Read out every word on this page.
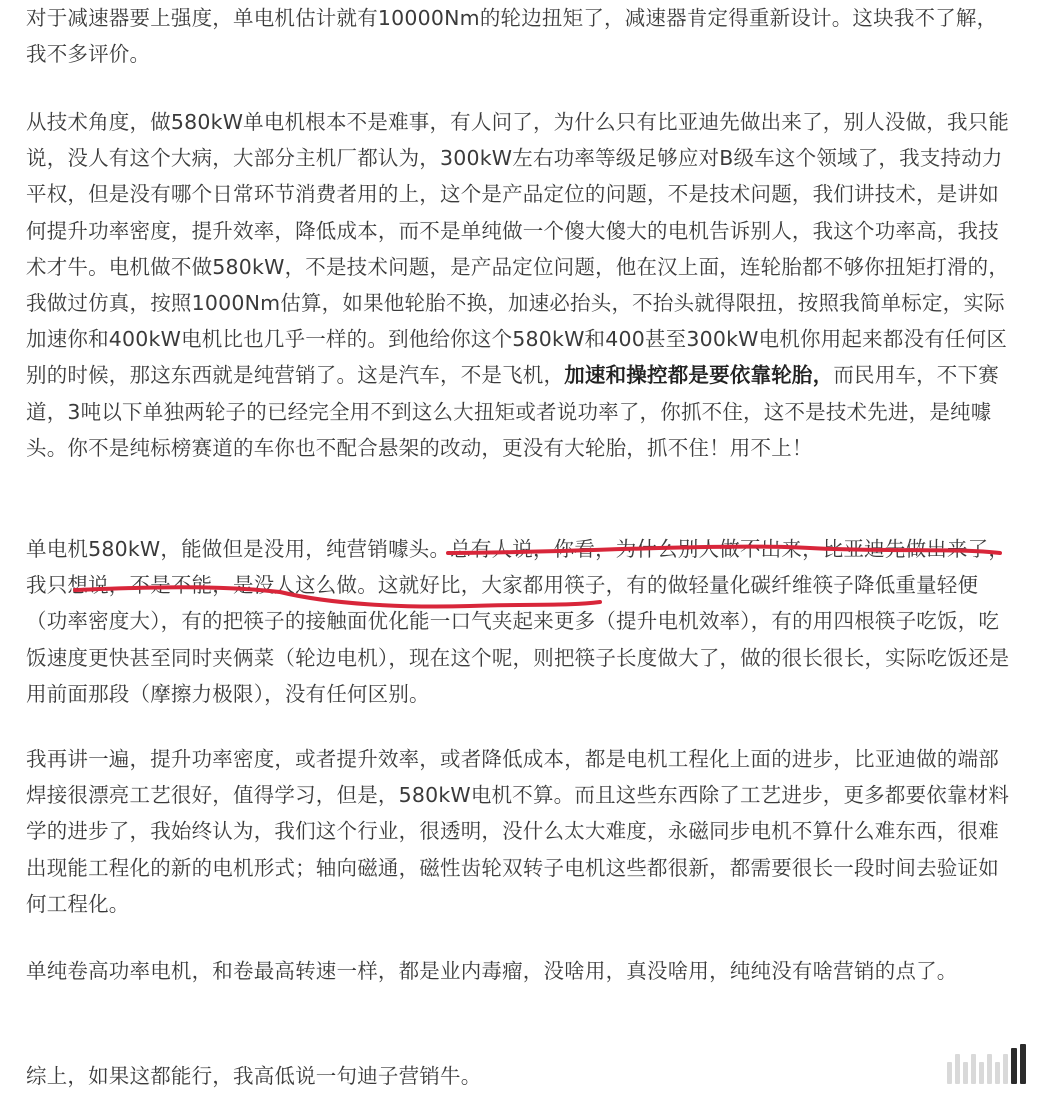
对于减速器要上强度，单电机估计就有10000Nm的轮边扭矩了，减速器肯定得重新设计。这块我不了解，我不多评价。

从技术角度，做580kW单电机根本不是难事，有人问了，为什么只有比亚迪先做出来了，别人没做，我只能说，没人有这个大病，大部分主机厂都认为，300kW左右功率等级足够应对B级车这个领域了，我支持动力平权，但是没有哪个日常环节消费者用的上，这个是产品定位的问题，不是技术问题，我们讲技术，是讲如何提升功率密度，提升效率，降低成本，而不是单纯做一个傻大傻大的电机告诉别人，我这个功率高，我技术才牛。电机做不做580kW，不是技术问题，是产品定位问题，他在汉上面，连轮胎都不够你扭矩打滑的，我做过仿真，按照1000Nm估算，如果他轮胎不换，加速必抬头，不抬头就得限扭，按照我简单标定，实际加速你和400kW电机比也几乎一样的。到他给你这个580kW和400甚至300kW电机你用起来都没有任何区别的时候，那这东西就是纯营销了。这是汽车，不是飞机，加速和操控都是要依靠轮胎，而民用车，不下赛道，3吨以下单独两轮子的已经完全用不到这么大扭矩或者说功率了，你抓不住，这不是技术先进，是纯噱头。你不是纯标榜赛道的车你也不配合悬架的改动，更没有大轮胎，抓不住！用不上！

单电机580kW，能做但是没用，纯营销噱头。总有人说，你看，为什么别人做不出来，比亚迪先做出来了，我只想说，不是不能，是没人这么做。这就好比，大家都用筷子，有的做轻量化碳纤维筷子降低重量轻便（功率密度大），有的把筷子的接触面优化能一口气夹起来更多（提升电机效率），有的用四根筷子吃饭，吃饭速度更快甚至同时夹俩菜（轮边电机），现在这个呢，则把筷子长度做大了，做的很长很长，实际吃饭还是用前面那段（摩擦力极限），没有任何区别。

我再讲一遍，提升功率密度，或者提升效率，或者降低成本，都是电机工程化上面的进步，比亚迪做的端部焊接很漂亮工艺很好，值得学习，但是，580kW电机不算。而且这些东西除了工艺进步，更多都要依靠材料学的进步了，我始终认为，我们这个行业，很透明，没什么太大难度，永磁同步电机不算什么难东西，很难出现能工程化的新的电机形式；轴向磁通，磁性齿轮双转子电机这些都很新，都需要很长一段时间去验证如何工程化。

单纯卷高功率电机，和卷最高转速一样，都是业内毒瘤，没啥用，真没啥用，纯纯没有啥营销的点了。

综上，如果这都能行，我高低说一句迪子营销牛。
